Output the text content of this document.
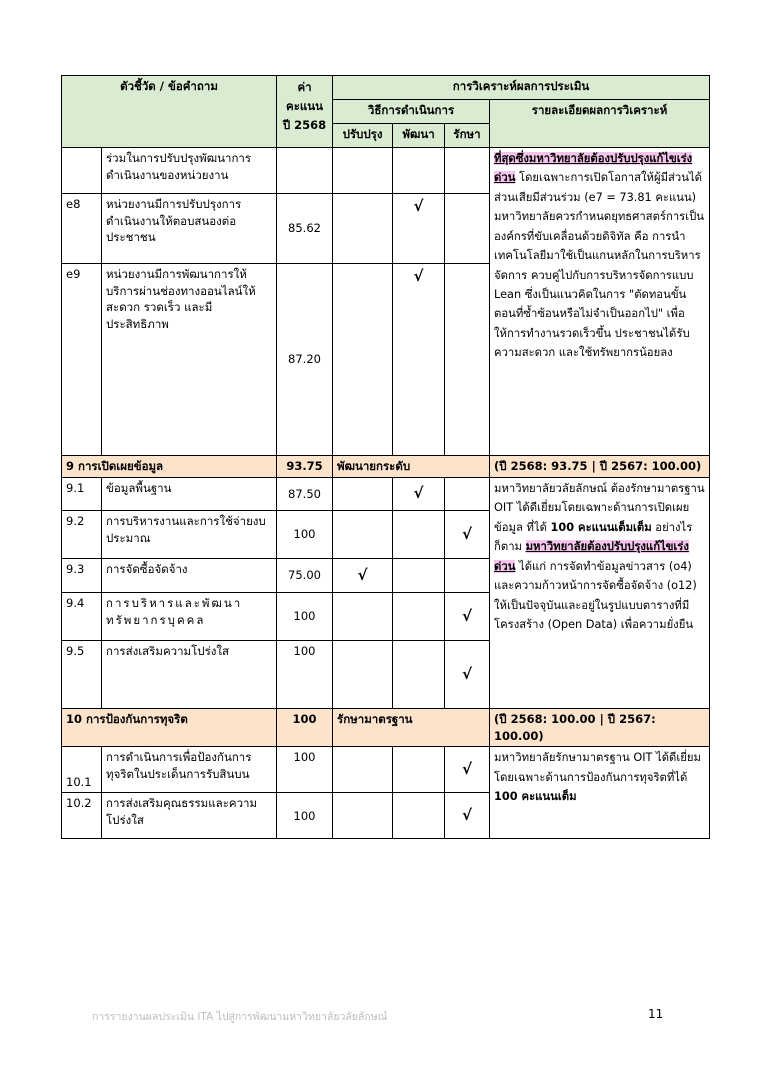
ตัวชี้วัด / ข้อคำถาม		ค่า
คะแนน
ปี 2568	การวิเคราะห์ผลการประเมิน			
			วิธีการดำเนินการ			รายละเอียดผลการวิเคราะห์
			ปรับปรุง	พัฒนา	รักษา	
	ร่วมในการปรับปรุงพัฒนาการดำเนินงานของหน่วยงาน					ที่สุดซึ่งมหาวิทยาลัยต้องปรับปรุงแก้ไขเร่งด่วน โดยเฉพาะการเปิดโอกาสให้ผู้มีส่วนได้ส่วนเสียมีส่วนร่วม (e7 = 73.81 คะแนน) มหาวิทยาลัยควรกำหนดยุทธศาสตร์การเป็นองค์กรที่ขับเคลื่อนด้วยดิจิทัล คือ การนำเทคโนโลยีมาใช้เป็นแกนหลักในการบริหารจัดการ ควบคู่ไปกับการบริหารจัดการแบบ Lean ซึ่งเป็นแนวคิดในการ "ตัดทอนขั้นตอนที่ซ้ำซ้อนหรือไม่จำเป็นออกไป" เพื่อให้การทำงานรวดเร็วขึ้น ประชาชนได้รับความสะดวก และใช้ทรัพยากรน้อยลง
e8	หน่วยงานมีการปรับปรุงการดำเนินงานให้ตอบสนองต่อประชาชน	85.62		√		
e9	หน่วยงานมีการพัฒนาการให้บริการผ่านช่องทางออนไลน์ให้สะดวก รวดเร็ว และมีประสิทธิภาพ	87.20		√		
9 การเปิดเผยข้อมูล		93.75	พัฒนายกระดับ			(ปี 2568: 93.75 | ปี 2567: 100.00)
9.1	ข้อมูลพื้นฐาน	87.50		√		มหาวิทยาลัยวลัยลักษณ์ ต้องรักษามาตรฐาน OIT ได้ดีเยี่ยมโดยเฉพาะด้านการเปิดเผยข้อมูล ที่ได้ 100 คะแนนเต็มเต็ม อย่างไรก็ตาม มหาวิทยาลัยต้องปรับปรุงแก้ไขเร่งด่วน ได้แก่ การจัดทำข้อมูลข่าวสาร (o4) และความก้าวหน้าการจัดซื้อจัดจ้าง (o12) ให้เป็นปัจจุบันและอยู่ในรูปแบบตารางที่มีโครงสร้าง (Open Data) เพื่อความยั่งยืน
9.2	การบริหารงานและการใช้จ่ายงบประมาณ	100			√	
9.3	การจัดซื้อจัดจ้าง	75.00	√			
9.4	การบริหารและพัฒนาทรัพยากรบุคคล	100			√	
9.5	การส่งเสริมความโปร่งใส	100			√	
10 การป้องกันการทุจริต		100	รักษามาตรฐาน			(ปี 2568: 100.00 | ปี 2567: 100.00)
10.1	การดำเนินการเพื่อป้องกันการทุจริตในประเด็นการรับสินบน	100			√	มหาวิทยาลัยรักษามาตรฐาน OIT ได้ดีเยี่ยมโดยเฉพาะด้านการป้องกันการทุจริตที่ได้ 100 คะแนนเต็ม
10.2	การส่งเสริมคุณธรรมและความโปร่งใส	100			√	
การรายงานผลประเมิน ITA ไปสู่การพัฒนามหาวิทยาลัยวลัยลักษณ์	11
